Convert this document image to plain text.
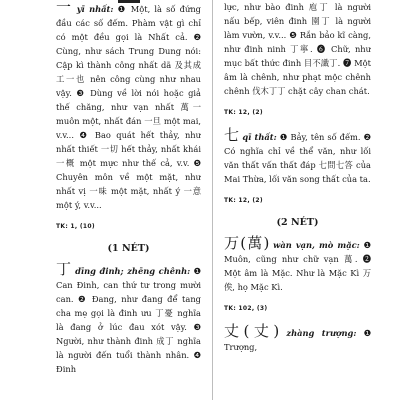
一 yī nhất: ❶ Một, là số đứng đầu các số đếm. Phàm vật gì chỉ có một đều gọi là Nhất cả. ❷ Cùng, như sách Trung Dung nói: Cập kì thành công nhất dã 及其成工一也 nên công cùng như nhau vậy. ❸ Dùng về lời nói hoặc giả thế chăng, như vạn nhất 萬一 muôn một, nhất đán 一旦 một mai, v.v... ❹ Bao quát hết thảy, như nhất thiết 一切 hết thảy, nhất khái 一概 một mực như thế cả, v.v. ❺ Chuyên môn về một mặt, như nhất vị 一味 một mặt, nhất ý 一意 một ý, v.v...

TK: 1, (10)
(1 NÉT)

丁 dīng đinh; zhēng chênh: ❶ Can Đinh, can thứ tư trong mười can. ❷ Đang, như đang để tang cha mẹ gọi là đinh ưu 丁憂 nghĩa là đang ở lúc đau xót vậy. ❸ Người, như thành đinh 成丁 nghĩa là người đến tuổi thành nhân. ❹ Đinh

lực, như bào đinh 庖丁 là người nấu bếp, viên đinh 園丁 là người làm vườn, v.v... ❺ Rắn bảo kĩ càng, như đinh ninh 丁寧. ❻ Chữ, như mục bất thức đinh 目不識丁. ❼ Một âm là chênh, như phạt mộc chênh chênh 伐木丁丁 chặt cây chan chát.

TK: 12, (2)

七 qī thất: ❶ Bảy, tên số đếm. ❷ Có nghĩa chỉ về thể văn, như lối văn thất vấn thất đáp 七問七答 của Mai Thừa, lối văn song thất của ta.

TK: 12, (2)
(2 NÉT)

万(萬) wàn vạn, mò mặc: ❶ Muôn, cũng như chữ vạn 萬. ❷ Một âm là Mặc. Như là Mặc Kì 万俟, họ Mặc Kì.

TK: 102, (3)

丈(丈) zhàng trượng: ❶ Trượng,
